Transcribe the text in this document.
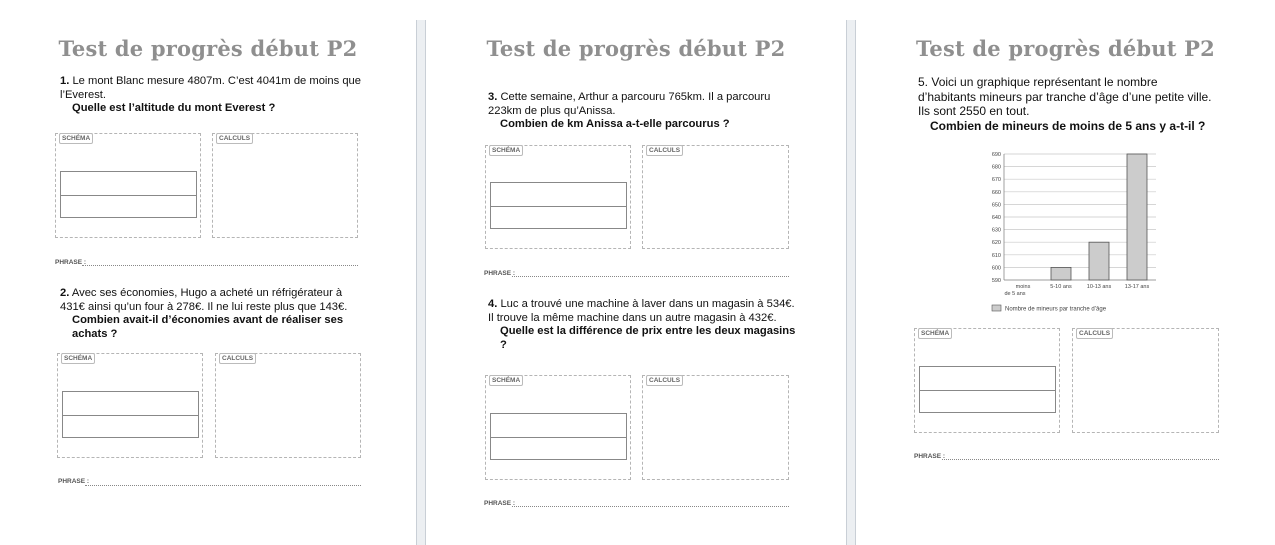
Test de progrès début P2
1. Le mont Blanc mesure 4807m. C’est 4041m de moins que l’Everest.
Quelle est l’altitude du mont Everest ?
SCHÉMA	CALCULS
PHRASE :
2. Avec ses économies, Hugo a acheté un réfrigérateur à 431€ ainsi qu’un four à 278€. Il ne lui reste plus que 143€.
Combien avait-il d’économies avant de réaliser ses achats ?
SCHÉMA	CALCULS
PHRASE :
Test de progrès début P2
3. Cette semaine, Arthur a parcouru 765km. Il a parcouru 223km de plus qu’Anissa.
Combien de km Anissa a-t-elle parcourus ?
SCHÉMA	CALCULS
PHRASE :
4. Luc a trouvé une machine à laver dans un magasin à 534€. Il trouve la même machine dans un autre magasin à 432€.
Quelle est la différence de prix entre les deux magasins ?
SCHÉMA	CALCULS
PHRASE :
Test de progrès début P2
5. Voici un graphique représentant le nombre d’habitants mineurs par tranche d’âge d’une petite ville. Ils sont 2550 en tout.
Combien de mineurs de moins de 5 ans y a-t-il ?
590
600
610
620
630
640
650
660
670
680
690
moins
de 5 ans
5-10 ans	10-13 ans 13-17 ans
Nombre de mineurs par tranche d’âge
SCHÉMA	CALCULS
PHRASE :
